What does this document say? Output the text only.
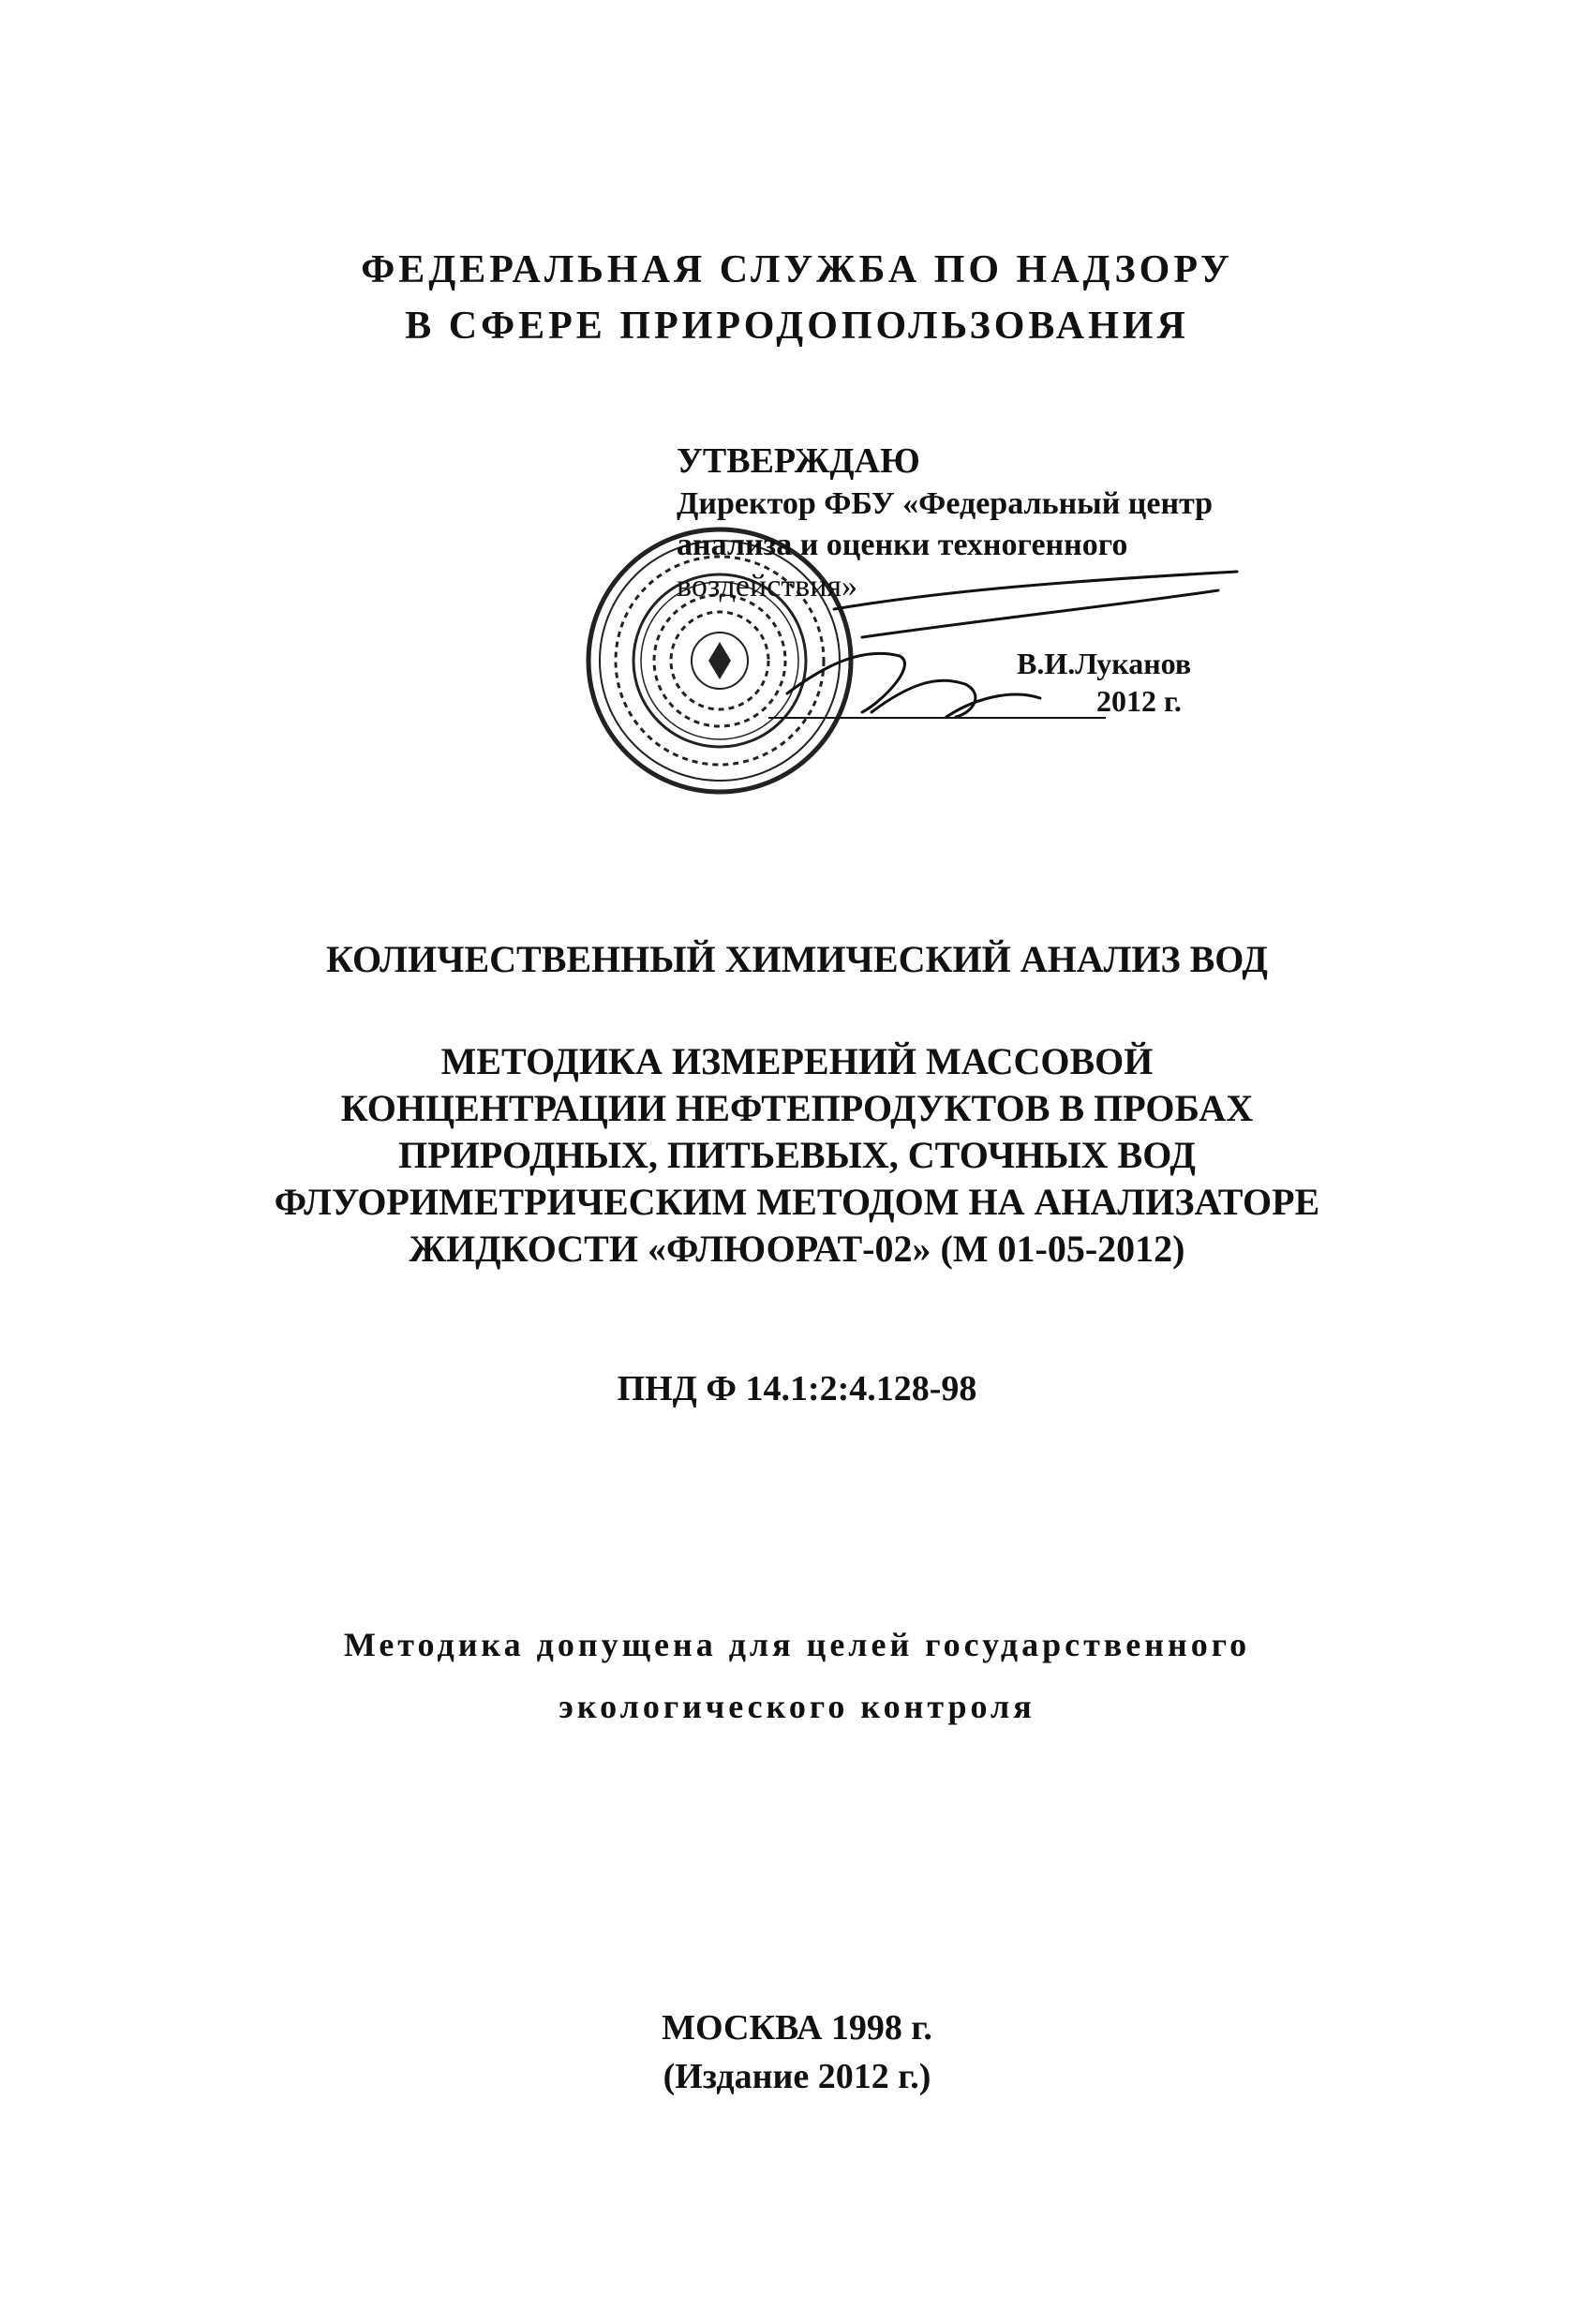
ФЕДЕРАЛЬНАЯ СЛУЖБА ПО НАДЗОРУ
В СФЕРЕ ПРИРОДОПОЛЬЗОВАНИЯ
УТВЕРЖДАЮ
Директор ФБУ «Федеральный центр
анализа и оценки техногенного
воздействия»
В.И.Луканов
2012 г.
КОЛИЧЕСТВЕННЫЙ ХИМИЧЕСКИЙ АНАЛИЗ ВОД
МЕТОДИКА ИЗМЕРЕНИЙ МАССОВОЙ
КОНЦЕНТРАЦИИ НЕФТЕПРОДУКТОВ В ПРОБАХ
ПРИРОДНЫХ, ПИТЬЕВЫХ, СТОЧНЫХ ВОД
ФЛУОРИМЕТРИЧЕСКИМ МЕТОДОМ НА АНАЛИЗАТОРЕ
ЖИДКОСТИ «ФЛЮОРАТ-02» (М 01-05-2012)
ПНД Ф 14.1:2:4.128-98
Методика допущена для целей государственного
экологического контроля
МОСКВА 1998 г.
(Издание 2012 г.)
